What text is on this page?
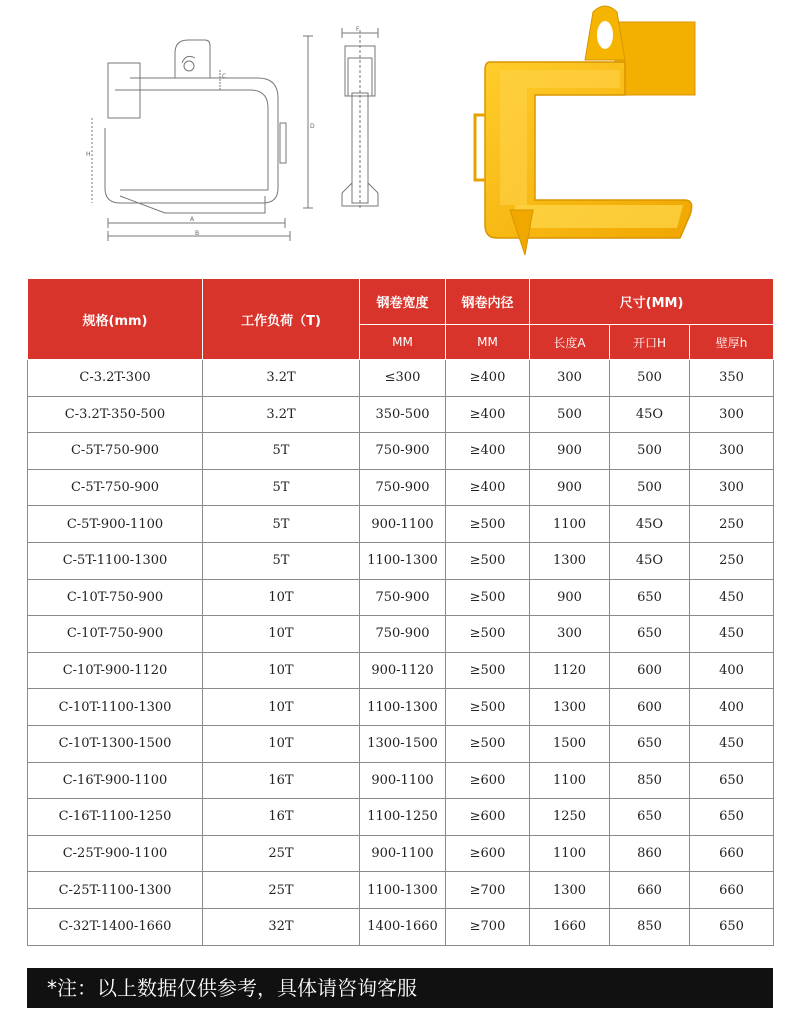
F
C
H
D
A
B
规格(mm)	工作负荷（T)	钢卷宽度	钢卷内径	尺寸(MM)		
		MM	MM	长度A	开口H	壁厚h
C-3.2T-300	3.2T	≤300	≥400	300	500	350
C-3.2T-350-500	3.2T	350-500	≥400	500	45O	300
C-5T-750-900	5T	750-900	≥400	900	500	300
C-5T-750-900	5T	750-900	≥400	900	500	300
C-5T-900-1100	5T	900-1100	≥500	1100	45O	250
C-5T-1100-1300	5T	1100-1300	≥500	1300	45O	250
C-10T-750-900	10T	750-900	≥500	900	650	450
C-10T-750-900	10T	750-900	≥500	300	650	450
C-10T-900-1120	10T	900-1120	≥500	1120	600	400
C-10T-1100-1300	10T	1100-1300	≥500	1300	600	400
C-10T-1300-1500	10T	1300-1500	≥500	1500	650	450
C-16T-900-1100	16T	900-1100	≥600	1100	850	650
C-16T-1100-1250	16T	1100-1250	≥600	1250	650	650
C-25T-900-1100	25T	900-1100	≥600	1100	860	660
C-25T-1100-1300	25T	1100-1300	≥700	1300	660	660
C-32T-1400-1660	32T	1400-1660	≥700	1660	850	650
*注：以上数据仅供参考，具体请咨询客服
